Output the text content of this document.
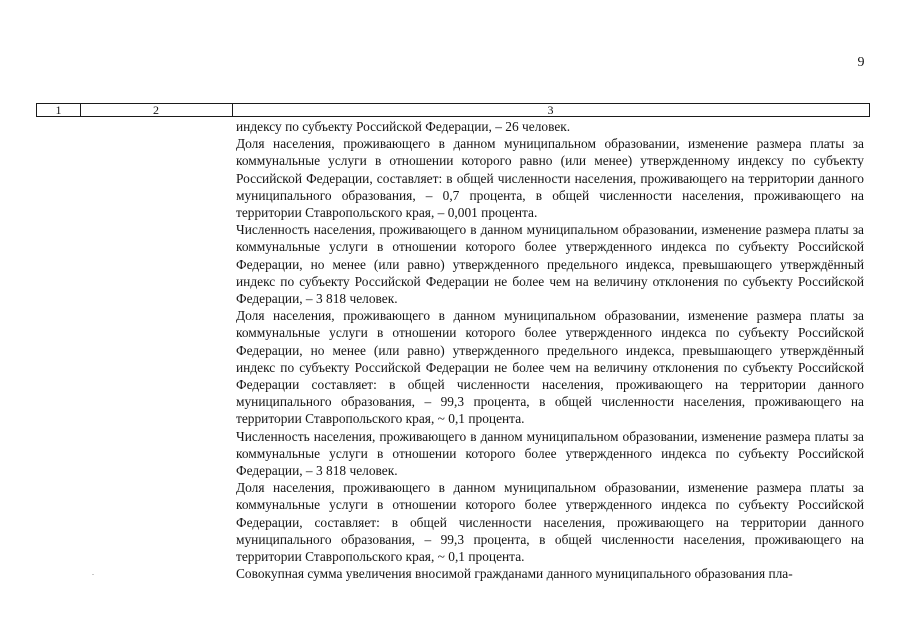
9
1	2	3

индексу по субъекту Российской Федерации, – 26 человек.

Доля населения, проживающего в данном муниципальном образовании, изменение размера платы за коммунальные услуги в отношении которого равно (или менее) утвержденному индексу по субъекту Российской Федерации, составляет: в общей численности населения, проживающего на территории данного муниципального образования, – 0,7 процента, в общей численности населения, проживающего на территории Ставропольского края, – 0,001 процента.

Численность населения, проживающего в данном муниципальном образовании, изменение размера платы за коммунальные услуги в отношении которого более утвержденного индекса по субъекту Российской Федерации, но менее (или равно) утвержденного предельного индекса, превышающего утверждённый индекс по субъекту Российской Федерации не более чем на величину отклонения по субъекту Российской Федерации, – 3 818 человек.

Доля населения, проживающего в данном муниципальном образовании, изменение размера платы за коммунальные услуги в отношении которого более утвержденного индекса по субъекту Российской Федерации, но менее (или равно) утвержденного предельного индекса, превышающего утверждённый индекс по субъекту Российской Федерации не более чем на величину отклонения по субъекту Российской Федерации составляет: в общей численности населения, проживающего на территории данного муниципального образования, – 99,3 процента, в общей численности населения, проживающего на территории Ставропольского края, ~ 0,1 процента.

Численность населения, проживающего в данном муниципальном образовании, изменение размера платы за коммунальные услуги в отношении которого более утвержденного индекса по субъекту Российской Федерации, – 3 818 человек.

Доля населения, проживающего в данном муниципальном образовании, изменение размера платы за коммунальные услуги в отношении которого более утвержденного индекса по субъекту Российской Федерации, составляет: в общей численности населения, проживающего на территории данного муниципального образования, – 99,3 процента, в общей численности населения, проживающего на территории Ставропольского края, ~ 0,1 процента.

Совокупная сумма увеличения вносимой гражданами данного муниципального образования пла-
